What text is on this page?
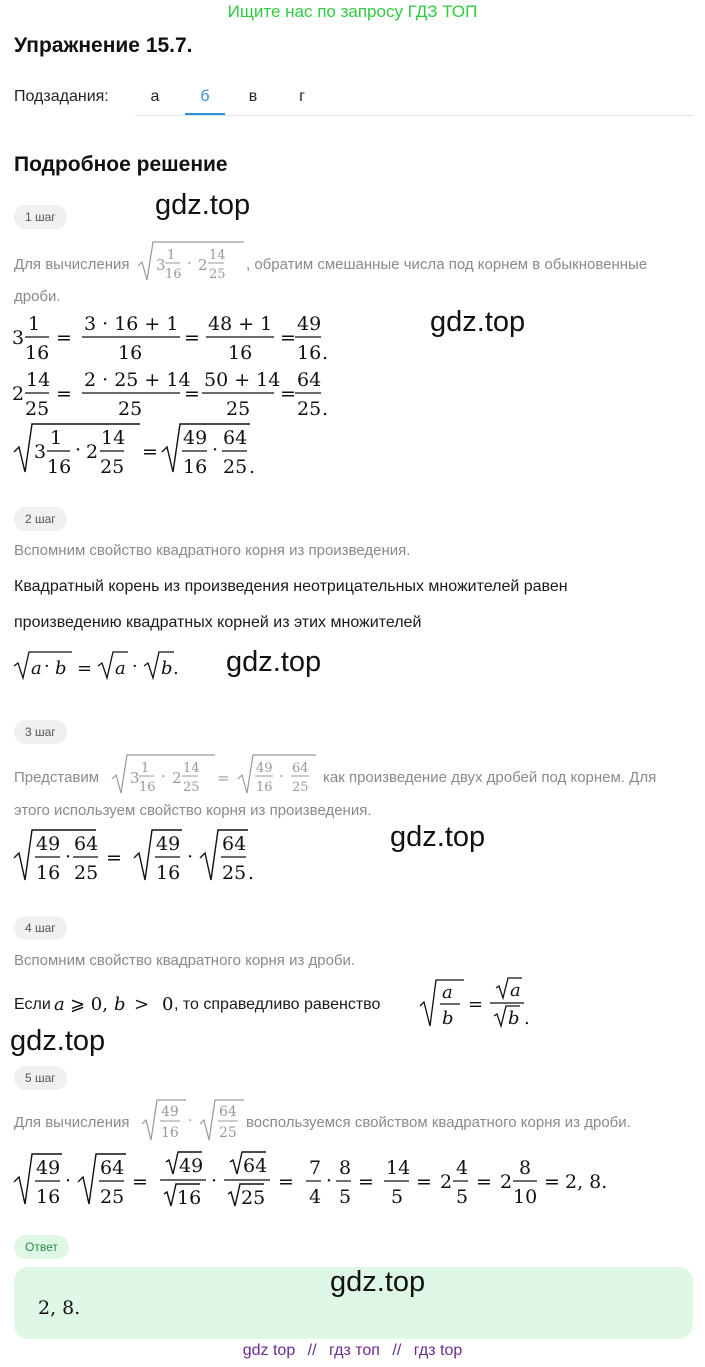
Ищите нас по запросу ГДЗ ТОП
Упражнение 15.7.
Подзадания:	а	б	в	г
Подробное решение
1 шаг	gdz.top
Для вычисления 3
1
16
· 2
14
25
, обратим смешанные числа под корнем в обыкновенные
дроби.
gdz.top
3
1
16
=
3 · 16 + 1
16
=
48 + 1
16
=
49
16 .
2
14
25
=
2 · 25 + 14
25
=
50 + 14
25
=
64
25 .
3
1
16
· 2
14
25
=
49
16
·
64
25 .
2 шаг
Вспомним свойство квадратного корня из произведения.
Квадратный корень из произведения неотрицательных множителей равен
произведению квадратных корней из этих множителей
a · b = a · b . gdz.top
3 шаг
Представим 3
1
16
· 2
14
25
=
49
16
· 64
25
как произведение двух дробей под корнем. Для
этого используем свойство корня из произведения.
49
16
·
64
25
=
49
16
·
64
25 .
gdz.top
4 шаг
Вспомним свойство квадратного корня из дроби.
Если a ⩾ 0, b > 0 , то справедливо равенство
a
b
=
a
b .
gdz.top
5 шаг
Для вычисления
49
16
·
64
25
воспользуемся свойством квадратного корня из дроби.
49
16
·
64
25
=
49
16
·
64
25
=
7
4
·
8
5
=
14
5
= 2
4
5
= 2
8
10
= 2, 8.
Ответ
gdz.top
2, 8.
gdz top // гдз топ // гдз top
